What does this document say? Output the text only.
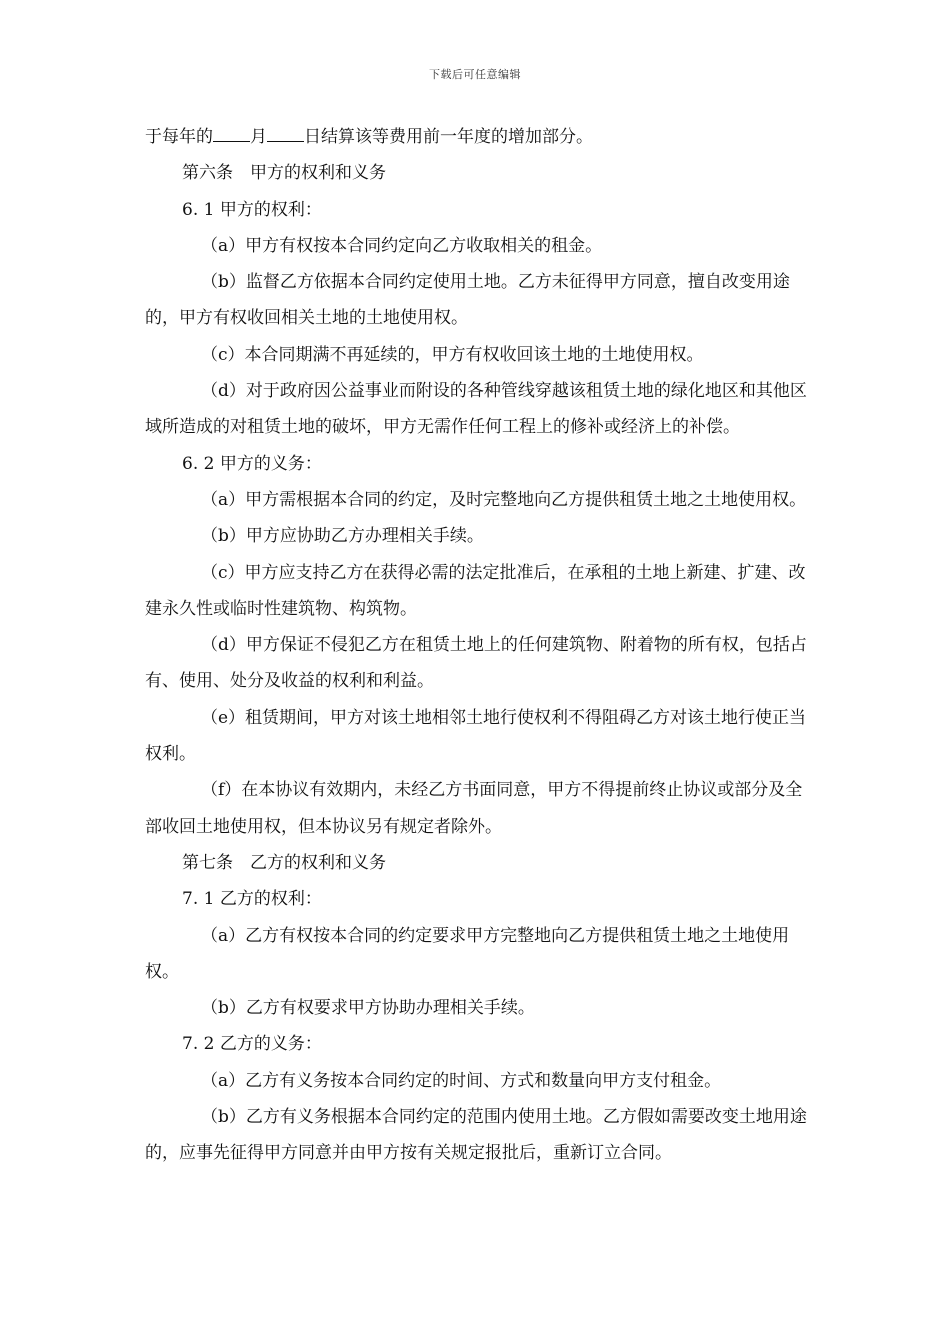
下载后可任意编辑

于每年的 月 日结算该等费用前一年度的增加部分。

第六条　甲方的权利和义务

6. 1 甲方的权利：

（a）甲方有权按本合同约定向乙方收取相关的租金。

（b）监督乙方依据本合同约定使用土地。乙方未征得甲方同意，擅自改变用途的，甲方有权收回相关土地的土地使用权。

（c）本合同期满不再延续的，甲方有权收回该土地的土地使用权。

（d）对于政府因公益事业而附设的各种管线穿越该租赁土地的绿化地区和其他区域所造成的对租赁土地的破坏，甲方无需作任何工程上的修补或经济上的补偿。

6. 2 甲方的义务：

（a）甲方需根据本合同的约定，及时完整地向乙方提供租赁土地之土地使用权。

（b）甲方应协助乙方办理相关手续。

（c）甲方应支持乙方在获得必需的法定批准后，在承租的土地上新建、扩建、改建永久性或临时性建筑物、构筑物。

（d）甲方保证不侵犯乙方在租赁土地上的任何建筑物、附着物的所有权，包括占有、使用、处分及收益的权利和利益。

（e）租赁期间，甲方对该土地相邻土地行使权利不得阻碍乙方对该土地行使正当权利。

（f）在本协议有效期内，未经乙方书面同意，甲方不得提前终止协议或部分及全部收回土地使用权，但本协议另有规定者除外。

第七条　乙方的权利和义务

7. 1 乙方的权利：

（a）乙方有权按本合同的约定要求甲方完整地向乙方提供租赁土地之土地使用权。

（b）乙方有权要求甲方协助办理相关手续。

7. 2 乙方的义务：

（a）乙方有义务按本合同约定的时间、方式和数量向甲方支付租金。

（b）乙方有义务根据本合同约定的范围内使用土地。乙方假如需要改变土地用途的，应事先征得甲方同意并由甲方按有关规定报批后，重新订立合同。
